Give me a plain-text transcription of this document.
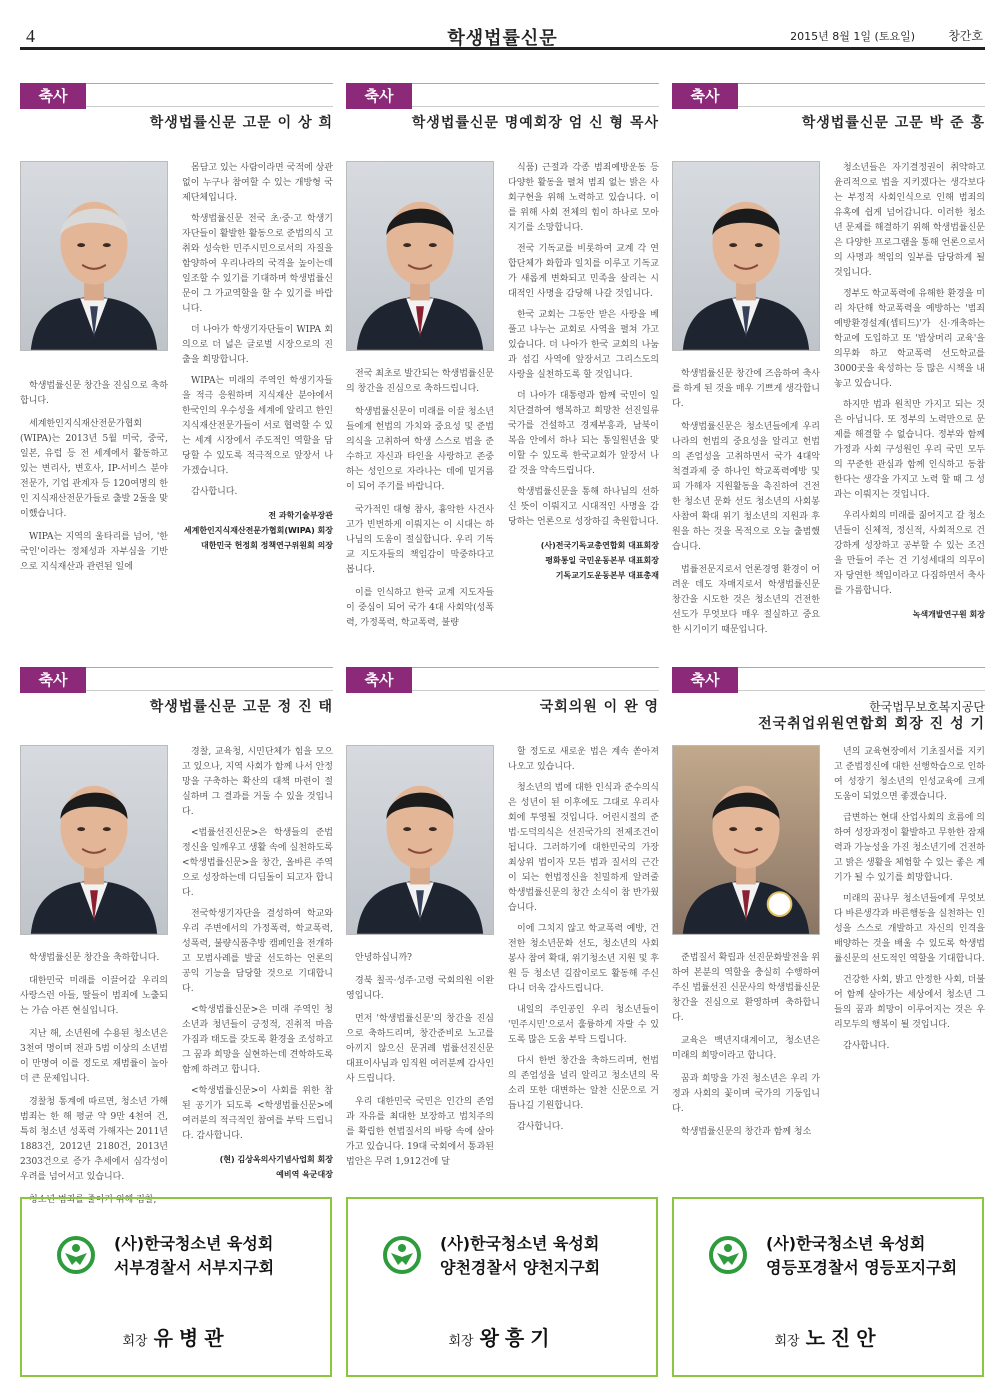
4	학생법률신문	2015년 8월 1일 (토요일)	창간호
축사
학생법률신문 고문 이 상 희

학생법률신문 창간을 진심으로 축하합니다.

세계한인지식재산전문가협회(WIPA)는 2013년 5월 미국, 중국, 일본, 유럽 등 전 세계에서 활동하고 있는 변리사, 변호사, IP-서비스 분야 전문가, 기업 관계자 등 120여명의 한인 지식재산전문가들로 출발 2돌을 맞이했습니다.

WIPA는 지역의 울타리를 넘어, '한국인'이라는 정체성과 자부심을 기반으로 지식재산과 관련된 일에

몸담고 있는 사람이라면 국적에 상관없이 누구나 참여할 수 있는 개방형 국제단체입니다.

학생법률신문 전국 초·중·고 학생기자단들이 활발한 활동으로 준법의식 고취와 성숙한 민주시민으로서의 자질을 함양하여 우리나라의 국격을 높이는데 일조할 수 있기를 기대하며 학생법률신문이 그 가교역할을 할 수 있기를 바랍니다.

더 나아가 학생기자단들이 WIPA 회의으로 더 넓은 글로벌 시장으로의 진출을 희망합니다.

WIPA는 미래의 주역인 학생기자들을 적극 응원하며 지식재산 분야에서 한국인의 우수성을 세계에 알리고 한인 지식재산전문가들이 서로 협력할 수 있는 세계 시장에서 주도적인 역할을 담당할 수 있도록 적극적으로 앞장서 나가겠습니다.

감사합니다.

전 과학기술부장관
세계한인지식재산전문가협회(WIPA) 회장
대한민국 헌정회 정책연구위원회 의장
축사
학생법률신문 명예회장 엄 신 형 목사

전국 최초로 발간되는 학생법률신문의 창간을 진심으로 축하드립니다.

학생법률신문이 미래를 이끌 청소년들에게 헌법의 가치와 중요성 및 준법의식을 고취하여 학생 스스로 법을 준수하고 자신과 타인을 사랑하고 존중하는 성인으로 자라나는 데에 밑거름이 되어 주기를 바랍니다.

국가적인 대형 참사, 흉악한 사건사고가 빈번하게 이뤄지는 이 시대는 하나님의 도움이 절실합니다. 우리 기독교 지도자들의 책임감이 막중하다고 봅니다.

이를 인식하고 한국 교계 지도자들이 중심이 되어 국가 4대 사회악(성폭력, 가정폭력, 학교폭력, 불량

식품) 근절과 각종 범죄예방운동 등 다양한 활동을 펼쳐 범죄 없는 밝은 사회구현을 위해 노력하고 있습니다. 이를 위해 사회 전체의 힘이 하나로 모아지기를 소망합니다.

전국 기독교를 비롯하여 교계 각 연합단체가 화합과 일치를 이루고 기독교가 새롭게 변화되고 민족을 살리는 시대적인 사명을 감당해 나갈 것입니다.

한국 교회는 그동안 받은 사랑을 베풀고 나누는 교회로 사역을 펼쳐 가고 있습니다. 더 나아가 한국 교회의 나눔과 섬김 사역에 앞장서고 그리스도의 사랑을 실천하도록 할 것입니다.

더 나아가 대통령과 함께 국민이 일치단결하여 행복하고 희망찬 선진일류국가를 건설하고 경제부흥과, 남북이 복음 안에서 하나 되는 통일원년을 맞이할 수 있도록 한국교회가 앞장서 나갈 것을 약속드립니다.

학생법률신문을 통해 하나님의 선하신 뜻이 이뤄지고 시대적인 사명을 감당하는 언론으로 성장하길 축원합니다.

(사)전국기독교총연합회 대표회장
평화통일 국민운동본부 대표회장
기독교기도운동본부 대표총재
축사
학생법률신문 고문 박 준 홍

학생법률신문 창간에 즈음하여 축사를 하게 된 것을 매우 기쁘게 생각합니다.

학생법률신문은 청소년들에게 우리나라의 헌법의 중요성을 알리고 헌법의 존엄성을 고취하면서 국가 4대악 척결과제 중 하나인 학교폭력예방 및 피 가해자 지원활동을 촉진하여 건전한 청소년 문화 선도 청소년의 사회봉사참여 확대 위기 청소년의 지원과 후원을 하는 것을 목적으로 오늘 출범했습니다.

법률전문지로서 언론경영 환경이 어려운 데도 자매지로서 학생법률신문 창간을 시도한 것은 청소년의 건전한 선도가 무엇보다 매우 절실하고 중요한 시기이기 때문입니다.

청소년들은 자기결정권이 취약하고 윤리적으로 법을 지키겠다는 생각보다는 부정적 사회인식으로 인해 범죄의 유혹에 쉽게 넘어갑니다. 이러한 청소년 문제를 해결하기 위해 학생법률신문은 다양한 프로그램을 통해 언론으로서의 사명과 책임의 일부를 담당하게 될 것입니다.

정부도 학교폭력에 유해한 환경을 미리 차단해 학교폭력을 예방하는 '범죄예방환경설계(셉티드)'가 신·개축하는 학교에 도입하고 또 '밥상머리 교육'을 의무화 하고 학교폭력 선도학교를 3000곳을 육성하는 등 많은 시책을 내 놓고 있습니다.

하지만 법과 원칙만 가지고 되는 것은 아닙니다. 또 정부의 노력만으로 문제를 해결할 수 없습니다. 정부와 함께 가정과 사회 구성원인 우리 국민 모두의 꾸준한 관심과 함께 인식하고 동참한다는 생각을 가지고 노력 할 때 그 성과는 이뤄지는 것입니다.

우리사회의 미래를 짊어지고 갈 청소년들이 신체적, 정신적, 사회적으로 건강하게 성장하고 공부할 수 있는 조건을 만들어 주는 건 기성세대의 의무이자 당연한 책임이라고 다짐하면서 축사를 가름합니다.

녹색개발연구원 회장
축사
학생법률신문 고문 정 진 태

학생법률신문 창간을 축하합니다.

대한민국 미래를 이끌어갈 우리의 사랑스런 아들, 딸들이 범죄에 노출되는 가슴 아픈 현실입니다.

지난 해, 소년원에 수용된 청소년은 3천여 명이며 전과 5범 이상의 소년범이 만명여 이를 정도로 재범률이 높아 더 큰 문제입니다.

경찰청 통계에 따르면, 청소년 가해 범죄는 한 해 평균 약 9만 4천여 건, 특히 청소년 성폭력 가해자는 2011년 1883건, 2012년 2180건, 2013년 2303건으로 증가 추세에서 심각성이 우려를 넘어서고 있습니다.

청소년 범죄를 줄이기 위해 검찰,

경찰, 교육청, 시민단체가 힘을 모으고 있으나, 지역 사회가 함께 나서 안정망을 구축하는 확산의 대책 마련이 절실하며 그 결과를 거둘 수 있을 것입니다.

<법률선진신문>은 학생들의 준법정신을 일깨우고 생활 속에 실천하도록 <학생법률신문>을 창간, 올바른 주역으로 성장하는데 디딤돌이 되고자 합니다.

전국학생기자단을 결성하여 학교와 우리 주변에서의 가정폭력, 학교폭력, 성폭력, 불량식품추방 캠페인을 전개하고 모범사례를 발굴 선도하는 언론의 공익 기능을 담당할 것으로 기대합니다.

<학생법률신문>은 미래 주역인 청소년과 청년들이 긍정적, 진취적 마음가짐과 태도를 갖도록 환경을 조성하고 그 꿈과 희망을 실현하는데 견학하도록 함께 하려고 합니다.

<학생법률신문>이 사회를 위한 참된 공기가 되도록 <학생법률신문>에 여러분의 적극적인 참여를 부탁 드립니다. 감사합니다.

(현) 김상옥의사기념사업회 회장
예비역 육군대장
축사
국회의원 이 완 영

안녕하십니까?

경북 칠곡·성주·고령 국회의원 이완영입니다.

먼저 '학생법률신문'의 창간을 진심으로 축하드리며, 창간준비로 노고를 아끼지 않으신 문귀례 법률선진신문 대표이사님과 임직원 여러분께 감사인사 드립니다.

우리 대한민국 국민은 인간의 존엄과 자유를 최대한 보장하고 법치주의를 확립한 헌법질서의 바탕 속에 살아가고 있습니다. 19대 국회에서 통과된 법안은 무려 1,912건에 달

할 정도로 새로운 법은 계속 쏟아져 나오고 있습니다.

청소년의 법에 대한 인식과 준수의식은 성년이 된 이후에도 그대로 우리사회에 투영될 것입니다. 어린시절의 준법·도덕의식은 선진국가의 전제조건이 됩니다. 그러하기에 대한민국의 가장 최상위 법이자 모든 법과 질서의 근간이 되는 헌법정신을 친밀하게 알려줄 학생법률신문의 창간 소식이 참 반가웠습니다.

이에 그치지 않고 학교폭력 예방, 건전한 청소년문화 선도, 청소년의 사회봉사 참여 확대, 위기청소년 지원 및 후원 등 청소년 길잡이로도 활동해 주신다니 더욱 감사드립니다.

내일의 주인공인 우리 청소년들이 '민주시민'으로서 훌륭하게 자랄 수 있도록 많은 도움 부탁 드립니다.

다시 한번 창간을 축하드리며, 헌법의 존엄성을 널리 알리고 청소년의 목소리 또한 대변하는 알찬 신문으로 거듭나길 기원합니다.

감사합니다.

축사
한국법무보호복지공단
전국취업위원연합회 회장 진 성 기

준법질서 확립과 선진문화발전을 위하여 본분의 역할을 충실히 수행하여 주신 법률선진 신문사의 학생법률신문 창간을 진심으로 환영하며 축하합니다.

교육은 백년지대계이고, 청소년은 미래의 희망이라고 합니다.

꿈과 희망을 가진 청소년은 우리 가정과 사회의 꽃이며 국가의 기둥입니다.

학생법률신문의 창간과 함께 청소

년의 교육현장에서 기초질서를 지키고 준법정신에 대한 선행학습으로 인하여 성장기 청소년의 인성교육에 크게 도움이 되었으면 좋겠습니다.

급변하는 현대 산업사회의 흐름에 의하여 성장과정이 활발하고 무한한 잠재력과 가능성을 가진 청소년기에 건전하고 밝은 생활을 체험할 수 있는 좋은 계기가 될 수 있기를 희망합니다.

미래의 꿈나무 청소년들에게 무엇보다 바른생각과 바른행동을 실천하는 인성을 스스로 개발하고 자신의 인격을 배양하는 것을 배울 수 있도록 학생법률신문의 선도적인 역할을 기대합니다.

건강한 사회, 밝고 안정한 사회, 더불어 함께 살아가는 세상에서 청소년 그들의 꿈과 희망이 이루어지는 것은 우리모두의 행복이 될 것입니다.

감사합니다.

(사)한국청소년 육성회
서부경찰서 서부지구회
회장 유병관
(사)한국청소년 육성회
양천경찰서 양천지구회
회장 왕흥기
(사)한국청소년 육성회
영등포경찰서 영등포지구회
회장 노진안
